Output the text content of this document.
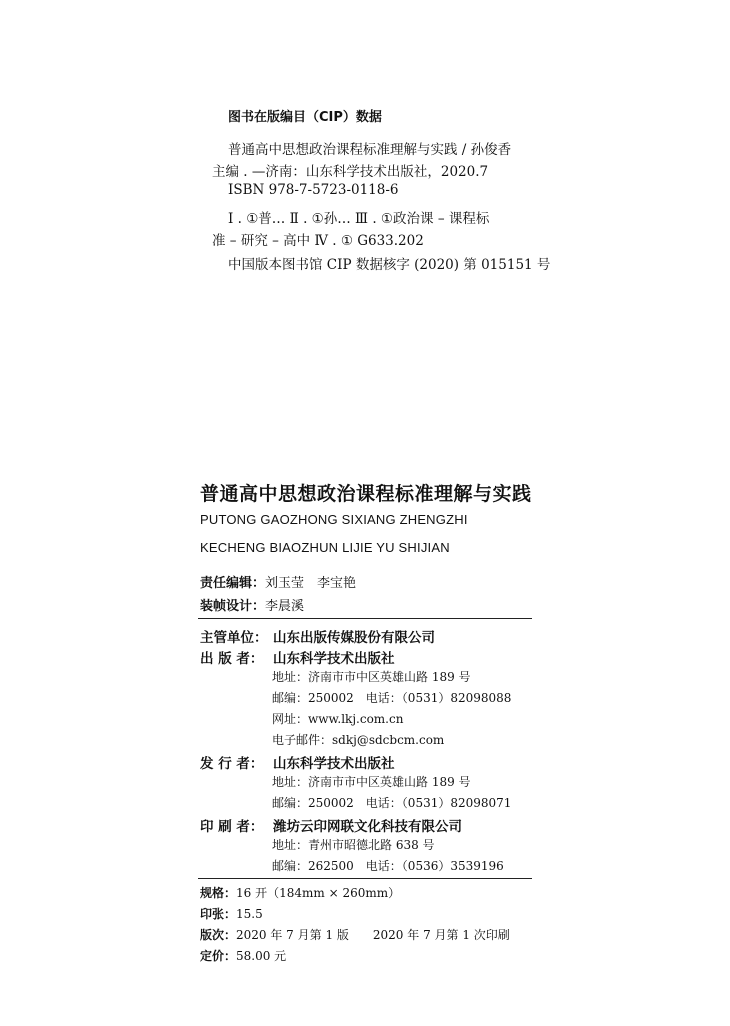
图书在版编目（CIP）数据
普通高中思想政治课程标准理解与实践 / 孙俊香
主编 . —济南：山东科学技术出版社，2020.7
ISBN 978-7-5723-0118-6
Ⅰ . ①普… Ⅱ . ①孙… Ⅲ . ①政治课 – 课程标
准 – 研究 – 高中 Ⅳ . ① G633.202
中国版本图书馆 CIP 数据核字 (2020) 第 015151 号
普通高中思想政治课程标准理解与实践
PUTONG GAOZHONG SIXIANG ZHENGZHI
KECHENG BIAOZHUN LIJIE YU SHIJIAN
责任编辑：刘玉莹　李宝艳
装帧设计：李晨溪
主管单位： 山东出版传媒股份有限公司
出 版 者： 山东科学技术出版社
地址：济南市市中区英雄山路 189 号
邮编：250002　电话：（0531）82098088
网址：www.lkj.com.cn
电子邮件：sdkj@sdcbcm.com
发 行 者： 山东科学技术出版社
地址：济南市市中区英雄山路 189 号
邮编：250002　电话：（0531）82098071
印 刷 者： 潍坊云印网联文化科技有限公司
地址：青州市昭德北路 638 号
邮编：262500　电话：（0536）3539196
规格：16 开（184mm × 260mm）
印张：15.5
版次：2020 年 7 月第 1 版　　2020 年 7 月第 1 次印刷
定价：58.00 元
